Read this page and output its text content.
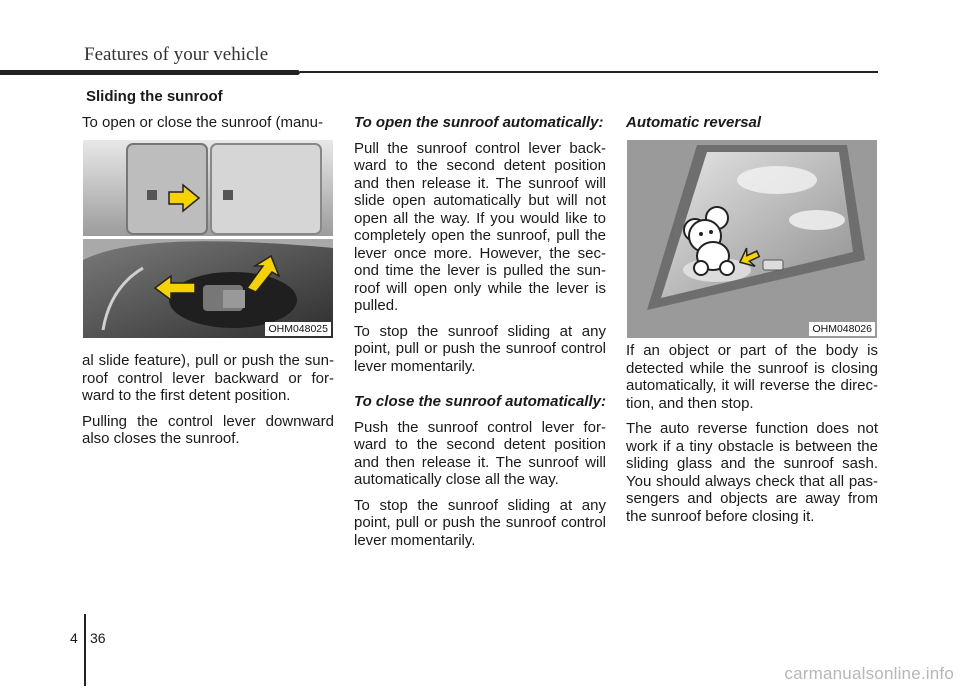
Features of your vehicle
Sliding the sunroof

To open or close the sunroof (manu-

OHM048025

al slide feature), pull or push the sun-roof control lever backward or for-ward to the first detent position.

Pulling the control lever downward also closes the sunroof.

To open the sunroof automatically:

Pull the sunroof control lever back-ward to the second detent position and then release it. The sunroof will slide open automatically but will not open all the way. If you would like to completely open the sunroof, pull the lever once more. However, the sec-ond time the lever is pulled the sun-roof will open only while the lever is pulled.

To stop the sunroof sliding at any point, pull or push the sunroof control lever momentarily.

To close the sunroof automatically:

Push the sunroof control lever for-ward to the second detent position and then release it. The sunroof will automatically close all the way.

To stop the sunroof sliding at any point, pull or push the sunroof control lever momentarily.

Automatic reversal
OHM048026

If an object or part of the body is detected while the sunroof is closing automatically, it will reverse the direc-tion, and then stop.

The auto reverse function does not work if a tiny obstacle is between the sliding glass and the sunroof sash. You should always check that all pas-sengers and objects are away from the sunroof before closing it.

4 36
carmanualsonline.info
